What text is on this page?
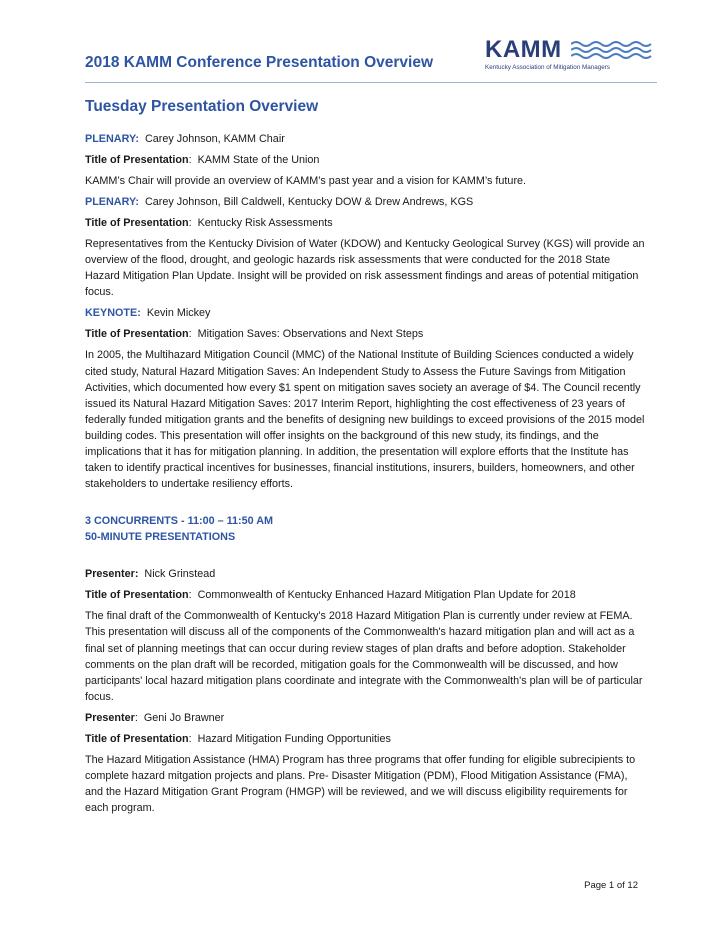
2018 KAMM Conference Presentation Overview KAMM
Kentucky Association of Mitigation Managers
Tuesday Presentation Overview
PLENARY: Carey Johnson, KAMM Chair
Title of Presentation:  KAMM State of the Union
KAMM’s Chair will provide an overview of KAMM’s past year and a vision for KAMM’s future.
PLENARY: Carey Johnson, Bill Caldwell, Kentucky DOW & Drew Andrews, KGS
Title of Presentation:  Kentucky Risk Assessments
Representatives from the Kentucky Division of Water (KDOW) and Kentucky Geological Survey (KGS) will provide an overview of the flood, drought, and geologic hazards risk assessments that were conducted for the 2018 State Hazard Mitigation Plan Update. Insight will be provided on risk assessment findings and areas of potential mitigation focus.
KEYNOTE: Kevin Mickey
Title of Presentation:  Mitigation Saves: Observations and Next Steps
In 2005, the Multihazard Mitigation Council (MMC) of the National Institute of Building Sciences conducted a widely cited study, Natural Hazard Mitigation Saves: An Independent Study to Assess the Future Savings from Mitigation Activities, which documented how every $1 spent on mitigation saves society an average of $4. The Council recently issued its Natural Hazard Mitigation Saves: 2017 Interim Report, highlighting the cost effectiveness of 23 years of federally funded mitigation grants and the benefits of designing new buildings to exceed provisions of the 2015 model building codes. This presentation will offer insights on the background of this new study, its findings, and the implications that it has for mitigation planning. In addition, the presentation will explore efforts that the Institute has taken to identify practical incentives for businesses, financial institutions, insurers, builders, homeowners, and other stakeholders to undertake resiliency efforts.
3 CONCURRENTS - 11:00 – 11:50 AM
50-MINUTE PRESENTATIONS
Presenter: Nick Grinstead
Title of Presentation:  Commonwealth of Kentucky Enhanced Hazard Mitigation Plan Update for 2018
The final draft of the Commonwealth of Kentucky's 2018 Hazard Mitigation Plan is currently under review at FEMA. This presentation will discuss all of the components of the Commonwealth's hazard mitigation plan and will act as a final set of planning meetings that can occur during review stages of plan drafts and before adoption. Stakeholder comments on the plan draft will be recorded, mitigation goals for the Commonwealth will be discussed, and how participants' local hazard mitigation plans coordinate and integrate with the Commonwealth's plan will be of particular focus.
Presenter: Geni Jo Brawner
Title of Presentation:  Hazard Mitigation Funding Opportunities
The Hazard Mitigation Assistance (HMA) Program has three programs that offer funding for eligible subrecipients to complete hazard mitgation projects and plans. Pre- Disaster Mitigation (PDM), Flood Mitigation Assistance (FMA), and the Hazard Mitigation Grant Program (HMGP) will be reviewed, and we will discuss eligibility requirements for each program.
Page 1 of 12
